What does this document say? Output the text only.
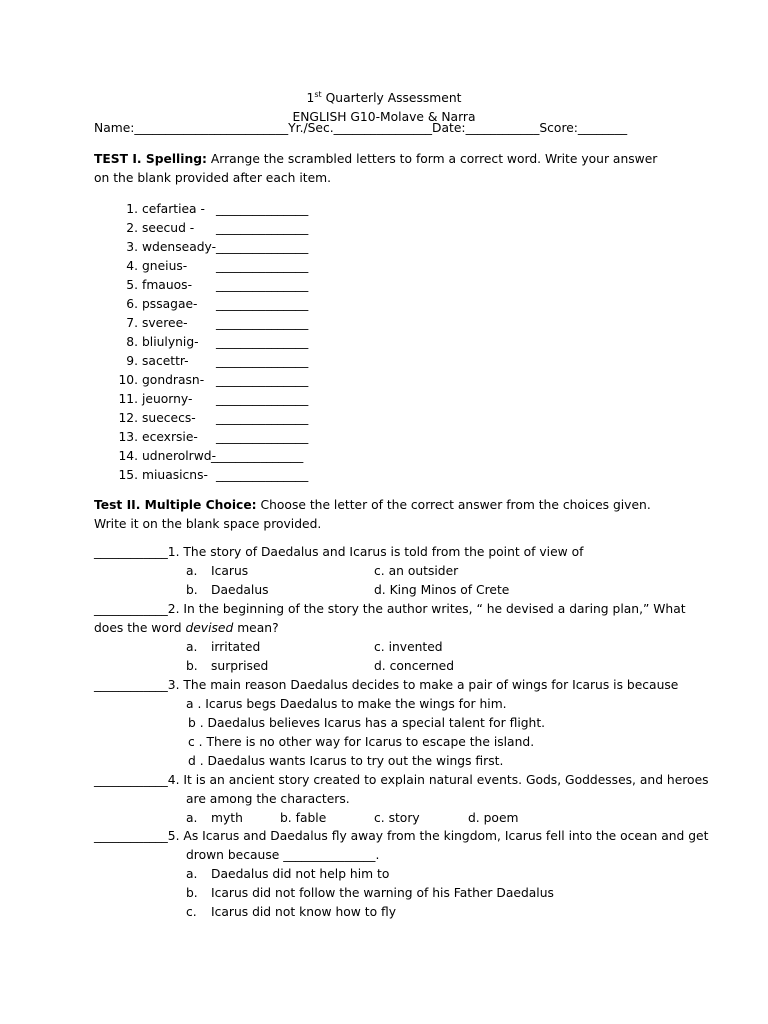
1st Quarterly Assessment
ENGLISH G10-Molave & Narra
Name:_________________________Yr./Sec.________________Date:____________Score:________
TEST I. Spelling: Arrange the scrambled letters to form a correct word. Write your answer on the blank provided after each item.
1. cefartiea - _______________
2. seecud - _______________
3. wdenseady- _______________
4. gneius- _______________
5. fmauos- _______________
6. pssagae- _______________
7. sveree- _______________
8. bliulynig- _______________
9. sacettr- _______________
10. gondrasn- _______________
11. jeuorny- _______________
12. suececs- _______________
13. ecexrsie- _______________
14. udnerolrwd-
_______________
15. miuasicns- _______________
Test II. Multiple Choice: Choose the letter of the correct answer from the choices given. Write it on the blank space provided.
____________1. The story of Daedalus and Icarus is told from the point of view of
a. Icarus	c. an outsider
b. Daedalus	d. King Minos of Crete
____________2. In the beginning of the story the author writes, “ he devised a daring plan,” What
does the word devised mean?
a. irritated	c. invented
b. surprised	d. concerned
____________3. The main reason Daedalus decides to make a pair of wings for Icarus is because
a . Icarus begs Daedalus to make the wings for him.
b . Daedalus believes Icarus has a special talent for flight.
c . There is no other way for Icarus to escape the island.
d . Daedalus wants Icarus to try out the wings first.
____________4. It is an ancient story created to explain natural events. Gods, Goddesses, and heroes
are among the characters.
a. myth	b. fable	c. story	d. poem
____________5. As Icarus and Daedalus fly away from the kingdom, Icarus fell into the ocean and get
drown because _______________.
a. Daedalus did not help him to
b. Icarus did not follow the warning of his Father Daedalus
c. Icarus did not know how to fly
